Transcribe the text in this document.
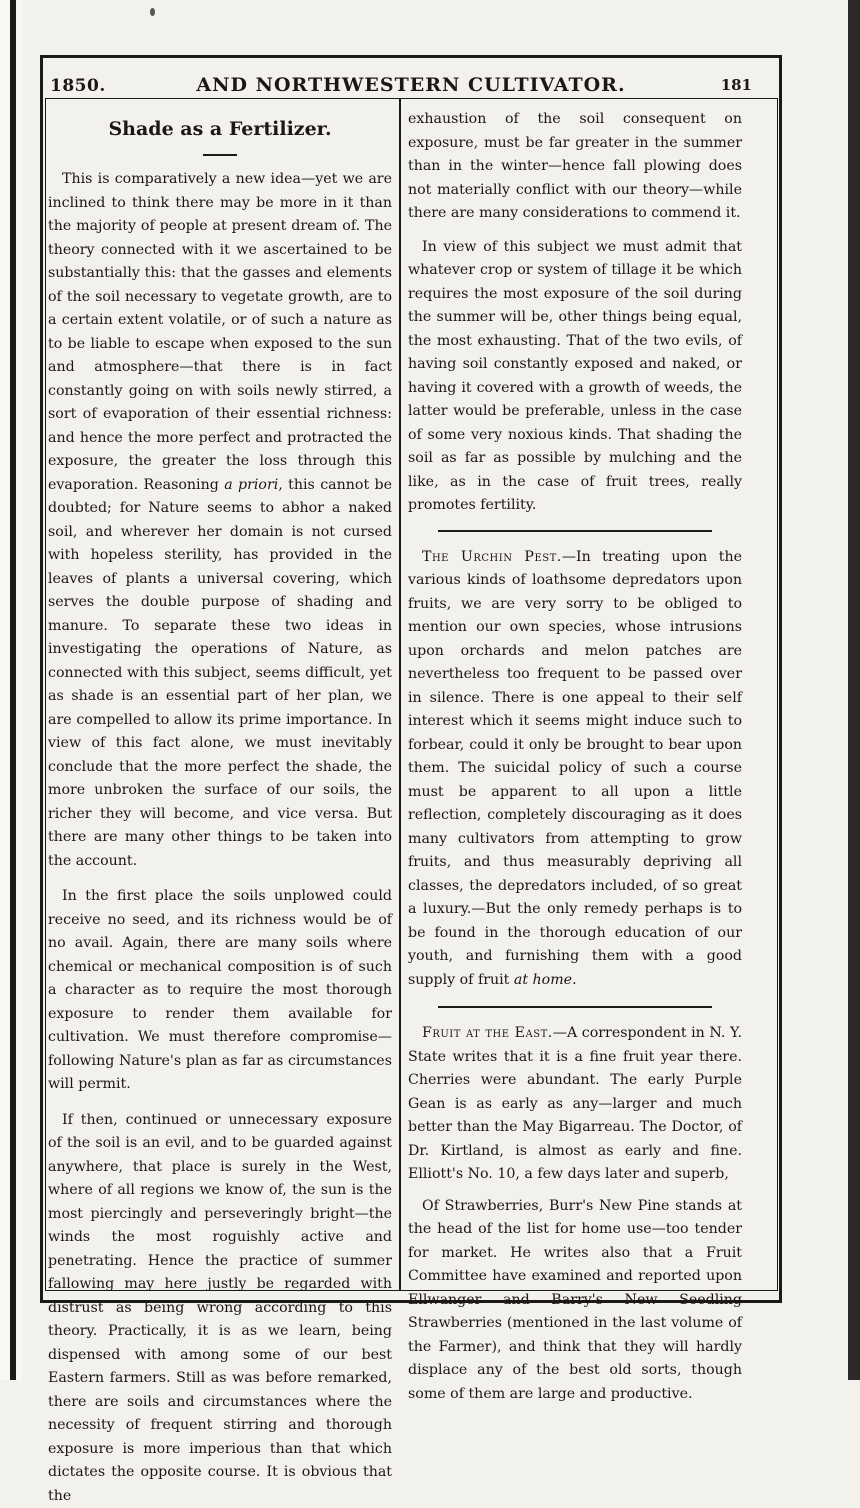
1850.	AND NORTHWESTERN CULTIVATOR.	181
Shade as a Fertilizer.

This is comparatively a new idea—yet we are inclined to think there may be more in it than the majority of people at present dream of. The theory connected with it we ascertained to be substantially this: that the gasses and elements of the soil necessary to vegetate growth, are to a certain extent volatile, or of such a nature as to be liable to escape when exposed to the sun and atmosphere—that there is in fact constantly going on with soils newly stirred, a sort of evaporation of their essential richness: and hence the more perfect and protracted the exposure, the greater the loss through this evaporation. Reasoning a priori, this cannot be doubted; for Nature seems to abhor a naked soil, and wherever her domain is not cursed with hopeless sterility, has provided in the leaves of plants a universal covering, which serves the double purpose of shading and manure. To separate these two ideas in investigating the operations of Nature, as connected with this subject, seems difficult, yet as shade is an essential part of her plan, we are compelled to allow its prime importance. In view of this fact alone, we must inevitably conclude that the more perfect the shade, the more unbroken the surface of our soils, the richer they will become, and vice versa. But there are many other things to be taken into the account.

In the first place the soils unplowed could receive no seed, and its richness would be of no avail. Again, there are many soils where chemical or mechanical composition is of such a character as to require the most thorough exposure to render them available for cultivation. We must therefore compromise—following Nature's plan as far as circumstances will permit.

If then, continued or unnecessary exposure of the soil is an evil, and to be guarded against anywhere, that place is surely in the West, where of all regions we know of, the sun is the most piercingly and perseveringly bright—the winds the most roguishly active and penetrating. Hence the practice of summer fallowing may here justly be regarded with distrust as being wrong according to this theory. Practically, it is as we learn, being dispensed with among some of our best Eastern farmers. Still as was before remarked, there are soils and circumstances where the necessity of frequent stirring and thorough exposure is more imperious than that which dictates the opposite course. It is obvious that the

exhaustion of the soil consequent on exposure, must be far greater in the summer than in the winter—hence fall plowing does not materially conflict with our theory—while there are many considerations to commend it.

In view of this subject we must admit that whatever crop or system of tillage it be which requires the most exposure of the soil during the summer will be, other things being equal, the most exhausting. That of the two evils, of having soil constantly exposed and naked, or having it covered with a growth of weeds, the latter would be preferable, unless in the case of some very noxious kinds. That shading the soil as far as possible by mulching and the like, as in the case of fruit trees, really promotes fertility.

The Urchin Pest.—In treating upon the various kinds of loathsome depredators upon fruits, we are very sorry to be obliged to mention our own species, whose intrusions upon orchards and melon patches are nevertheless too frequent to be passed over in silence. There is one appeal to their self interest which it seems might induce such to forbear, could it only be brought to bear upon them. The suicidal policy of such a course must be apparent to all upon a little reflection, completely discouraging as it does many cultivators from attempting to grow fruits, and thus measurably depriving all classes, the depredators included, of so great a luxury.—But the only remedy perhaps is to be found in the thorough education of our youth, and furnishing them with a good supply of fruit at home.

Fruit at the East.—A correspondent in N. Y. State writes that it is a fine fruit year there. Cherries were abundant. The early Purple Gean is as early as any—larger and much better than the May Bigarreau. The Doctor, of Dr. Kirtland, is almost as early and fine. Elliott's No. 10, a few days later and superb,

Of Strawberries, Burr's New Pine stands at the head of the list for home use—too tender for market. He writes also that a Fruit Committee have examined and reported upon Ellwanger and Barry's New Seedling Strawberries (mentioned in the last volume of the Farmer), and think that they will hardly displace any of the best old sorts, though some of them are large and productive.
